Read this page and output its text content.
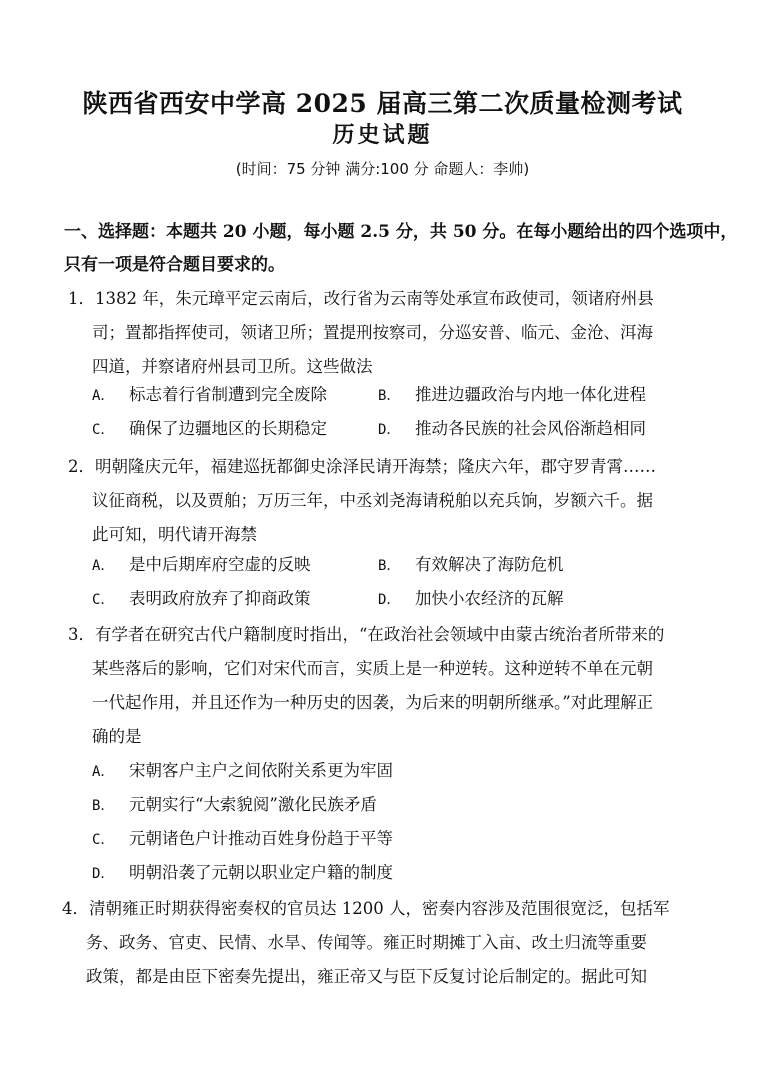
陕西省西安中学高 2025 届高三第二次质量检测考试
历史试题
(时间：75 分钟 满分:100 分 命题人：李帅)
一、选择题：本题共 20 小题，每小题 2.5 分，共 50 分。在每小题给出的四个选项中，
只有一项是符合题目要求的。
1．1382 年，朱元璋平定云南后，改行省为云南等处承宣布政使司，领诸府州县
司；置都指挥使司，领诸卫所；置提刑按察司，分巡安普、临元、金沧、洱海
四道，并察诸府州县司卫所。这些做法
A． 标志着行省制遭到完全废除	B． 推进边疆政治与内地一体化进程
C． 确保了边疆地区的长期稳定	D． 推动各民族的社会风俗渐趋相同
2．明朝隆庆元年，福建巡抚都御史涂泽民请开海禁；隆庆六年，郡守罗青霄……
议征商税，以及贾舶；万历三年，中丞刘尧海请税舶以充兵饷，岁额六千。据
此可知，明代请开海禁
A． 是中后期库府空虚的反映	B． 有效解决了海防危机
C． 表明政府放弃了抑商政策	D． 加快小农经济的瓦解
3．有学者在研究古代户籍制度时指出，“在政治社会领域中由蒙古统治者所带来的
某些落后的影响，它们对宋代而言，实质上是一种逆转。这种逆转不单在元朝
一代起作用，并且还作为一种历史的因袭，为后来的明朝所继承。”对此理解正
确的是
A． 宋朝客户主户之间依附关系更为牢固
B． 元朝实行“大索貌阅”激化民族矛盾
C． 元朝诸色户计推动百姓身份趋于平等
D． 明朝沿袭了元朝以职业定户籍的制度
4．清朝雍正时期获得密奏权的官员达 1200 人，密奏内容涉及范围很宽泛，包括军
务、政务、官吏、民情、水旱、传闻等。雍正时期摊丁入亩、改土归流等重要
政策，都是由臣下密奏先提出，雍正帝又与臣下反复讨论后制定的。据此可知
